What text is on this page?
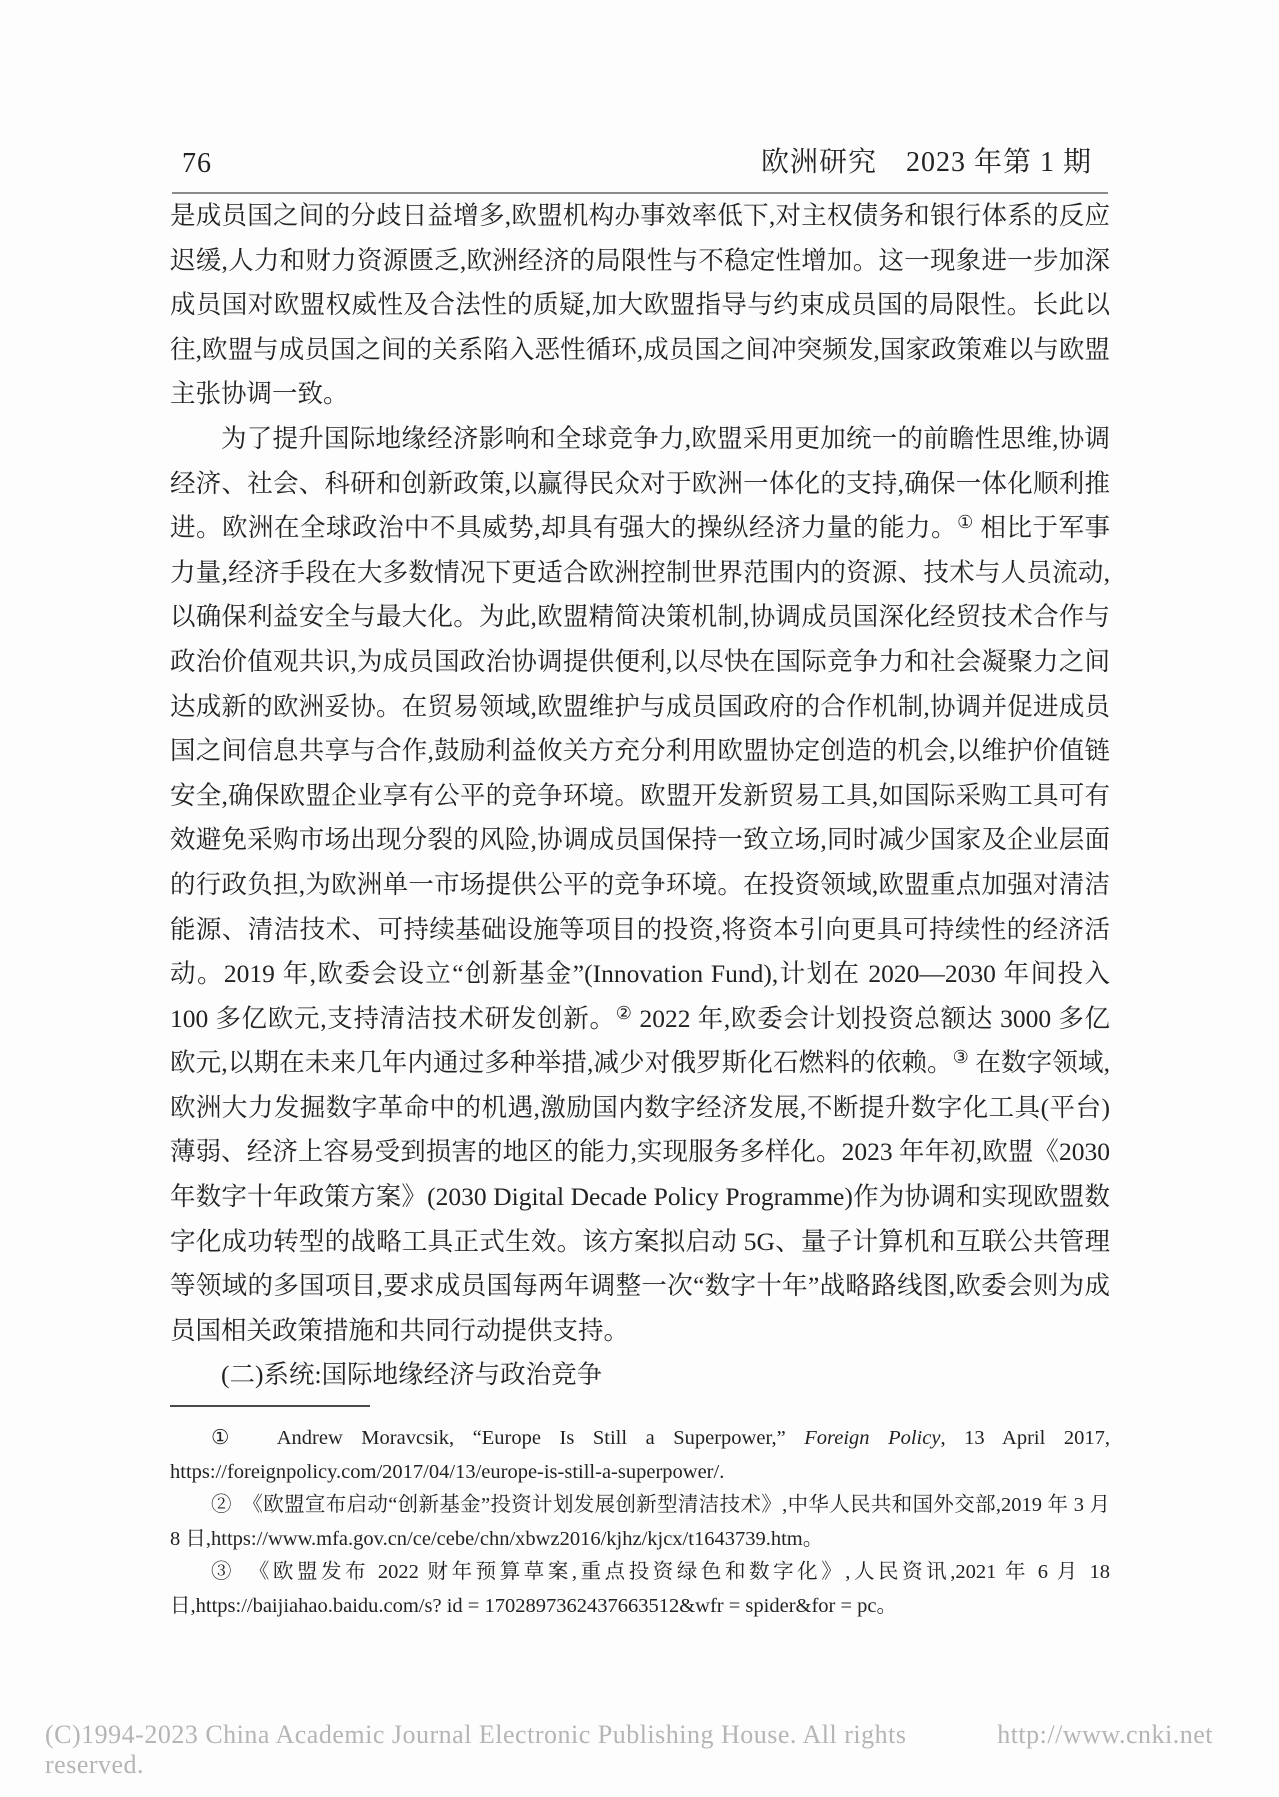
76	欧洲研究　2023 年第 1 期

是成员国之间的分歧日益增多,欧盟机构办事效率低下,对主权债务和银行体系的反应迟缓,人力和财力资源匮乏,欧洲经济的局限性与不稳定性增加。这一现象进一步加深成员国对欧盟权威性及合法性的质疑,加大欧盟指导与约束成员国的局限性。长此以往,欧盟与成员国之间的关系陷入恶性循环,成员国之间冲突频发,国家政策难以与欧盟主张协调一致。

为了提升国际地缘经济影响和全球竞争力,欧盟采用更加统一的前瞻性思维,协调经济、社会、科研和创新政策,以赢得民众对于欧洲一体化的支持,确保一体化顺利推进。欧洲在全球政治中不具威势,却具有强大的操纵经济力量的能力。① 相比于军事力量,经济手段在大多数情况下更适合欧洲控制世界范围内的资源、技术与人员流动,以确保利益安全与最大化。为此,欧盟精简决策机制,协调成员国深化经贸技术合作与政治价值观共识,为成员国政治协调提供便利,以尽快在国际竞争力和社会凝聚力之间达成新的欧洲妥协。在贸易领域,欧盟维护与成员国政府的合作机制,协调并促进成员国之间信息共享与合作,鼓励利益攸关方充分利用欧盟协定创造的机会,以维护价值链安全,确保欧盟企业享有公平的竞争环境。欧盟开发新贸易工具,如国际采购工具可有效避免采购市场出现分裂的风险,协调成员国保持一致立场,同时减少国家及企业层面的行政负担,为欧洲单一市场提供公平的竞争环境。在投资领域,欧盟重点加强对清洁能源、清洁技术、可持续基础设施等项目的投资,将资本引向更具可持续性的经济活动。2019 年,欧委会设立“创新基金”(Innovation Fund),计划在 2020—2030 年间投入 100 多亿欧元,支持清洁技术研发创新。② 2022 年,欧委会计划投资总额达 3000 多亿欧元,以期在未来几年内通过多种举措,减少对俄罗斯化石燃料的依赖。③ 在数字领域,欧洲大力发掘数字革命中的机遇,激励国内数字经济发展,不断提升数字化工具(平台)薄弱、经济上容易受到损害的地区的能力,实现服务多样化。2023 年年初,欧盟《2030 年数字十年政策方案》(2030 Digital Decade Policy Programme)作为协调和实现欧盟数字化成功转型的战略工具正式生效。该方案拟启动 5G、量子计算机和互联公共管理等领域的多国项目,要求成员国每两年调整一次“数字十年”战略路线图,欧委会则为成员国相关政策措施和共同行动提供支持。

(二)系统:国际地缘经济与政治竞争

①　Andrew Moravcsik, “Europe Is Still a Superpower,” Foreign Policy, 13 April 2017, https://foreignpolicy.com/2017/04/13/europe-is-still-a-superpower/.

②　《欧盟宣布启动“创新基金”投资计划发展创新型清洁技术》,中华人民共和国外交部,2019 年 3 月 8 日,https://www.mfa.gov.cn/ce/cebe/chn/xbwz2016/kjhz/kjcx/t1643739.htm。

③　《欧盟发布 2022 财年预算草案,重点投资绿色和数字化》,人民资讯,2021 年 6 月 18 日,https://baijiahao.baidu.com/s? id = 1702897362437663512&wfr = spider&for = pc。

(C)1994-2023 China Academic Journal Electronic Publishing House. All rights reserved.
http://www.cnki.net
